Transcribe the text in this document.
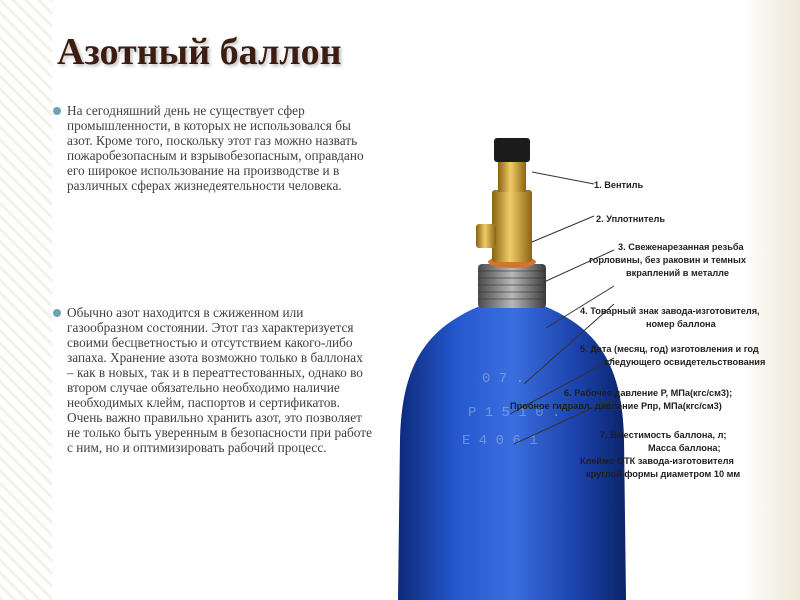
Азотный баллон

На сегодняшний день не существует сфер промышленности, в которых не использовался бы азот. Кроме того, поскольку этот газ можно назвать пожаробезопасным и взрывобезопасным, оправдано его широкое использование на производстве и в различных сферах жизнедеятельности человека.

Обычно азот находится в сжиженном или газообразном состоянии. Этот газ характеризуется своими бесцветностью и отсутствием какого-либо запаха. Хранение азота возможно только в баллонах – как в новых, так и в переаттестованных, однако во втором случае обязательно необходимо наличие необходимых клейм, паспортов и сертификатов. Очень важно правильно хранить азот, это позволяет не только быть уверенным в безопасности при работе с ним, но и оптимизировать рабочий процесс.

0 7 .
P 1 5 1 0 .
E 4 0 6 1
1. Вентиль
2. Уплотнитель
3. Свеженарезанная резьба
горловины, без раковин и темных
вкраплений в металле
4. Товарный знак завода-изготовителя,
номер баллона
5. Дата (месяц, год) изготовления и год
следующего освидетельствования
6. Рабочее давление Р, МПа(кгс/см3);
Пробное гидравл. давление Рпр, МПа(кгс/см3)
7. Вместимость баллона, л;
Масса баллона;
Клеймо ОТК завода-изготовителя
круглой формы диаметром 10 мм
